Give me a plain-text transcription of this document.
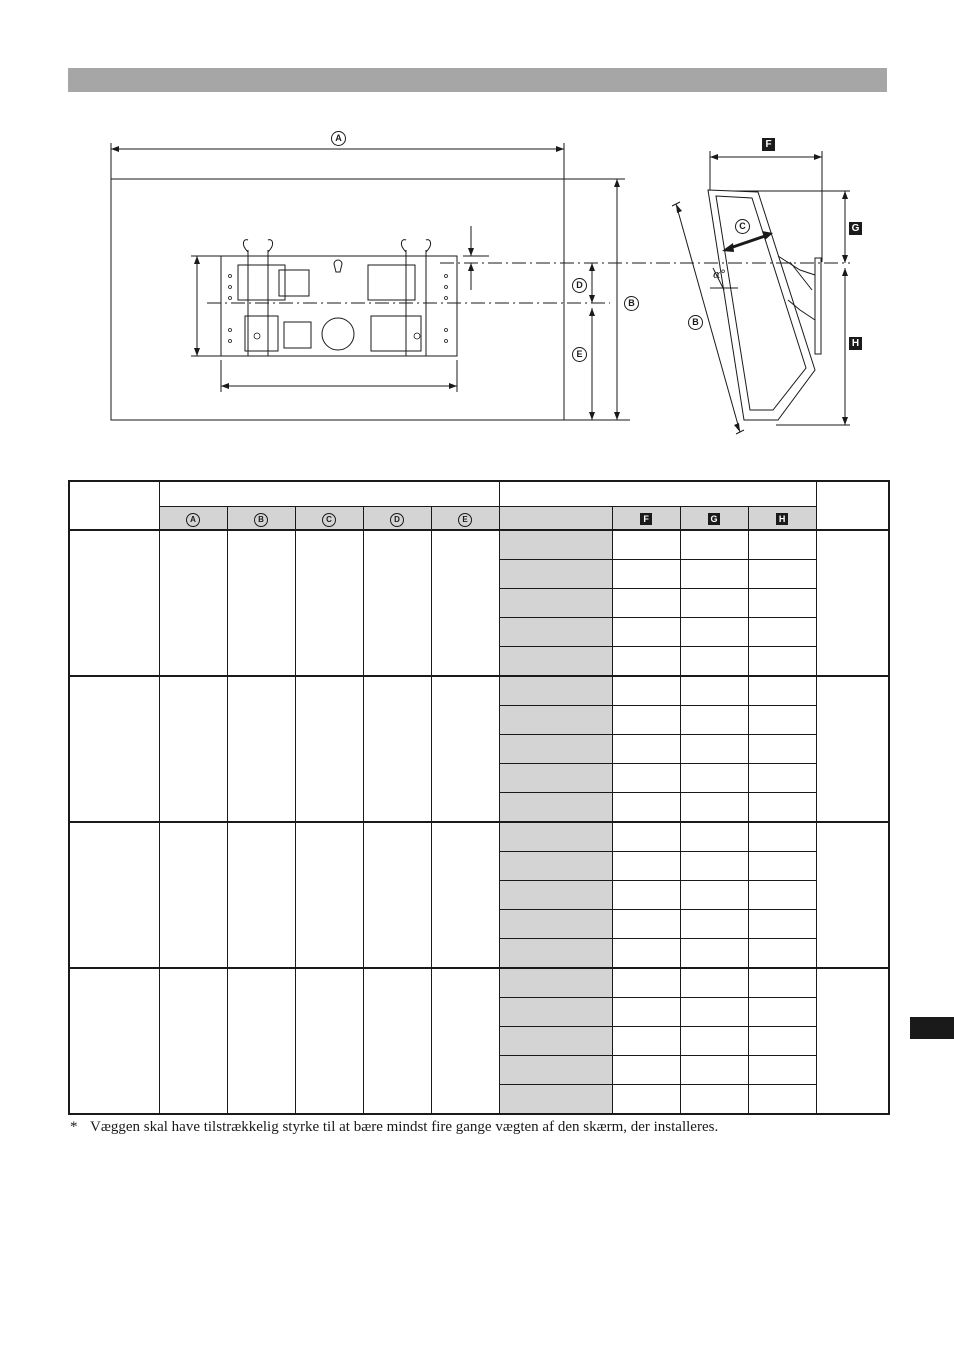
A
D
B
E
C
B
F
G
H
α°

	A	B	C	D	E		F	G	H	

* Væggen skal have tilstrækkelig styrke til at bære mindst fire gange vægten af den skærm, der installeres.
